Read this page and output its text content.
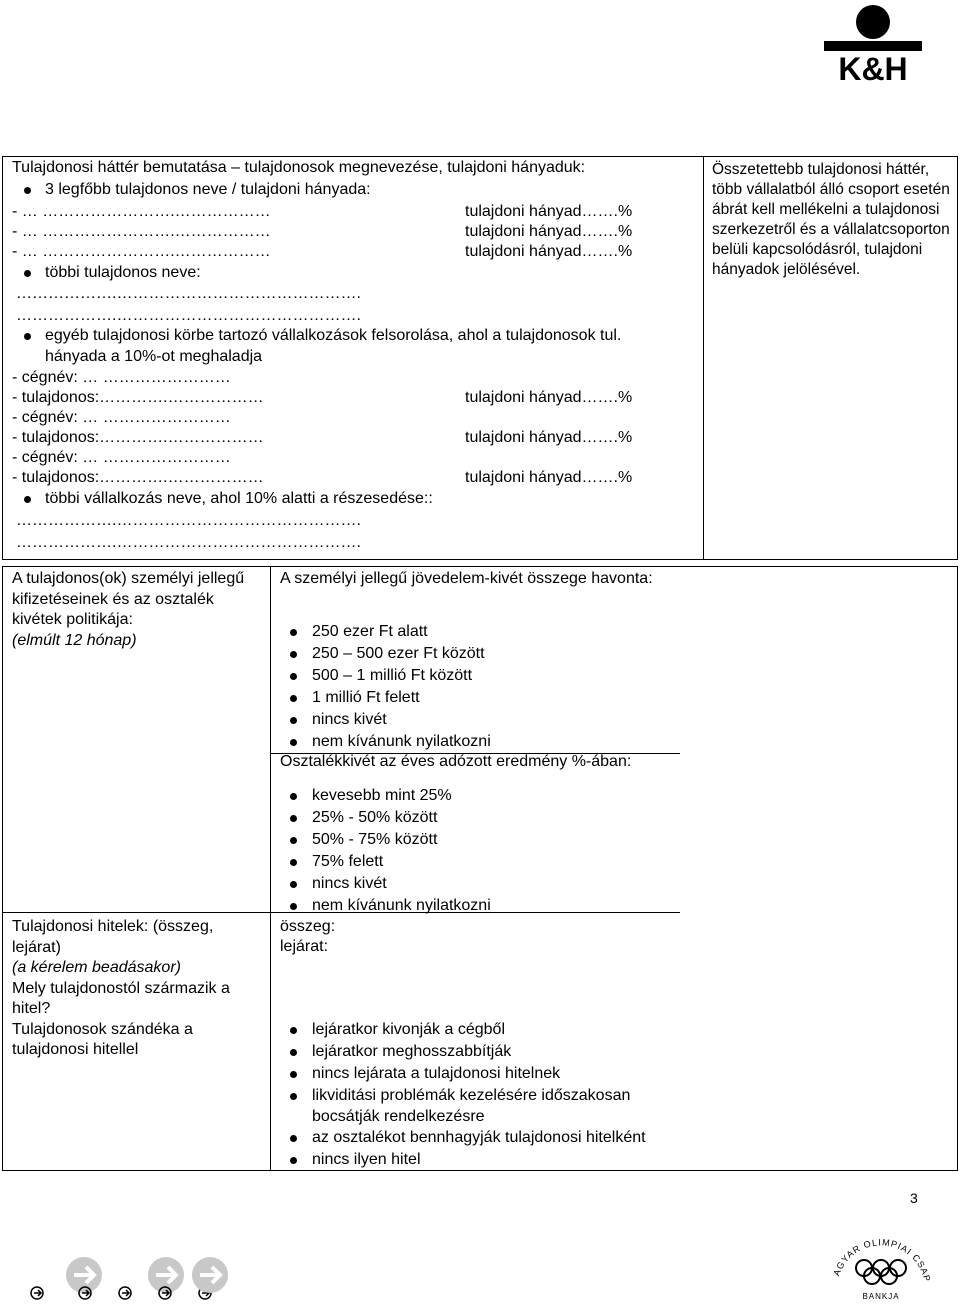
K&H
Tulajdonosi háttér bemutatása – tulajdonosok megnevezése, tulajdoni hányaduk:
3 legfőbb tulajdonos neve / tulajdoni hányada:
- … …………………….………………	tulajdoni hányad…….%
- … …………………….………………	tulajdoni hányad…….%
- … …………………….………………	tulajdoni hányad…….%
többi tulajdonos neve:
……………….……………………………………….
……………….……………………………………….
egyéb tulajdonosi körbe tartozó vállalkozások felsorolása, ahol a tulajdonosok tul.
hányada a 10%-ot meghaladja
- cégnév: … ……………………
- tulajdonos:………….………………	tulajdoni hányad…….%
- cégnév: … ……………………
- tulajdonos:………….………………	tulajdoni hányad…….%
- cégnév: … ……………………
- tulajdonos:………….………………	tulajdoni hányad…….%
többi vállalkozás neve, ahol 10% alatti a részesedése::
……………….……………………………………….
……………….……………………………………….
Összetettebb tulajdonosi háttér, több vállalatból álló csoport esetén ábrát kell mellékelni a tulajdonosi szerkezetről és a vállalatcsoporton belüli kapcsolódásról, tulajdoni hányadok jelölésével.
A tulajdonos(ok) személyi jellegű kifizetéseinek és az osztalék kivétek politikája:
(elmúlt 12 hónap)
A személyi jellegű jövedelem-kivét összege havonta:
250 ezer Ft alatt
250 – 500 ezer Ft között
500 – 1 millió Ft között
1 millió Ft felett
nincs kivét
nem kívánunk nyilatkozni
Osztalékkivét az éves adózott eredmény %-ában:
kevesebb mint 25%
25% - 50% között
50% - 75% között
75% felett
nincs kivét
nem kívánunk nyilatkozni
Tulajdonosi hitelek: (összeg, lejárat)
(a kérelem beadásakor)
Mely tulajdonostól származik a hitel?
Tulajdonosok szándéka a tulajdonosi hitellel
összeg:
lejárat:
lejáratkor kivonják a cégből
lejáratkor meghosszabbítják
nincs lejárata a tulajdonosi hitelnek
likviditási problémák kezelésére időszakosan
bocsátják rendelkezésre
az osztalékot bennhagyják tulajdonosi hitelként
nincs ilyen hitel
3
AGYAR OLIMPIAI CSAP
BANKJA
